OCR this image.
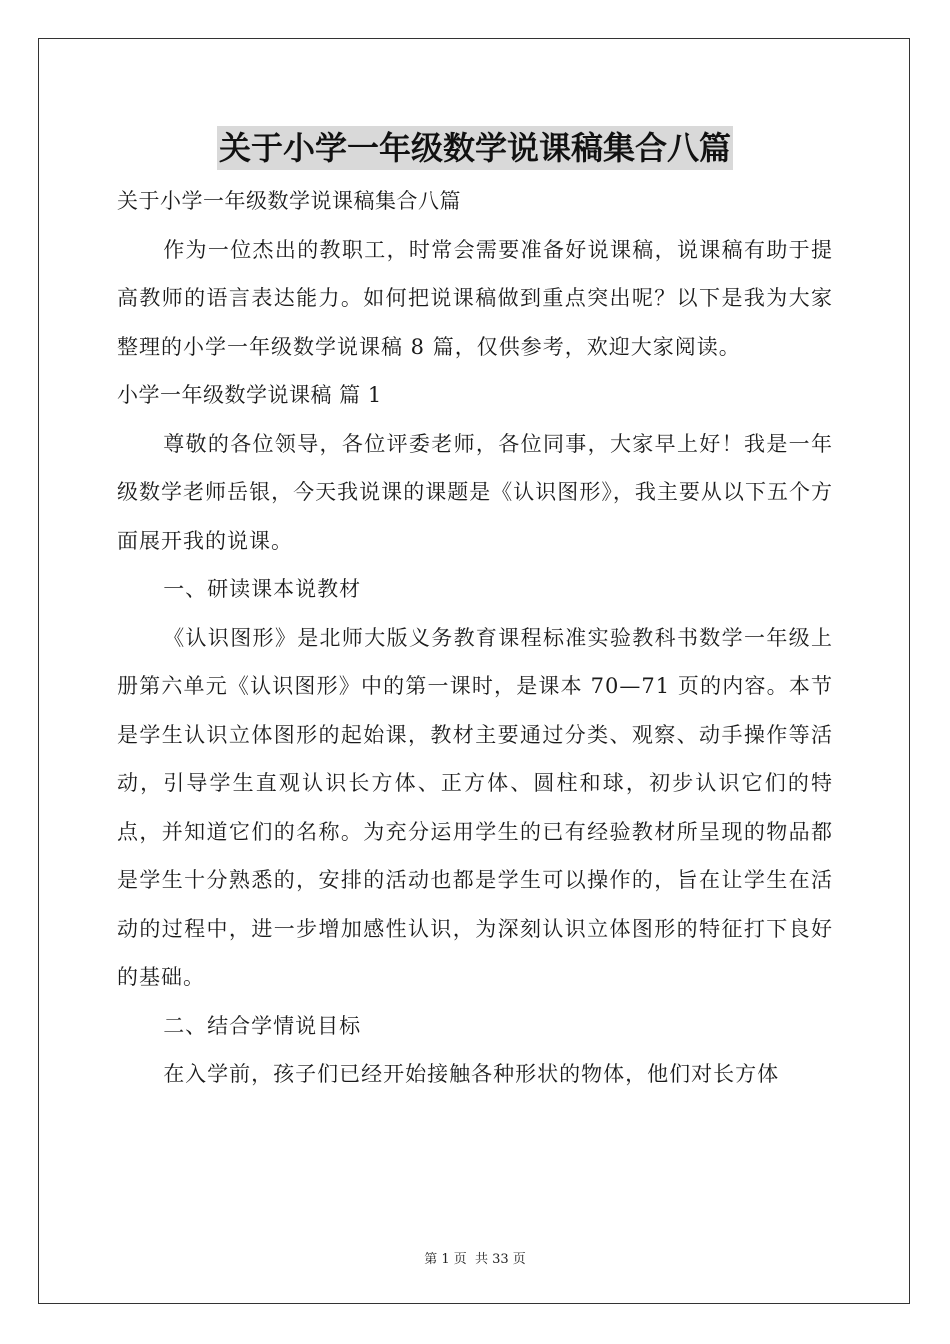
关于小学一年级数学说课稿集合八篇

关于小学一年级数学说课稿集合八篇

作为一位杰出的教职工，时常会需要准备好说课稿，说课稿有助于提高教师的语言表达能力。如何把说课稿做到重点突出呢？以下是我为大家整理的小学一年级数学说课稿 8 篇，仅供参考，欢迎大家阅读。

小学一年级数学说课稿 篇 1

尊敬的各位领导，各位评委老师，各位同事，大家早上好！我是一年级数学老师岳银，今天我说课的课题是《认识图形》，我主要从以下五个方面展开我的说课。

一、研读课本说教材

《认识图形》是北师大版义务教育课程标准实验教科书数学一年级上册第六单元《认识图形》中的第一课时，是课本 70—71 页的内容。本节是学生认识立体图形的起始课，教材主要通过分类、观察、动手操作等活动，引导学生直观认识长方体、正方体、圆柱和球，初步认识它们的特点，并知道它们的名称。为充分运用学生的已有经验教材所呈现的物品都是学生十分熟悉的，安排的活动也都是学生可以操作的，旨在让学生在活动的过程中，进一步增加感性认识，为深刻认识立体图形的特征打下良好的基础。

二、结合学情说目标

在入学前，孩子们已经开始接触各种形状的物体，他们对长方体

第 1 页 共 33 页
